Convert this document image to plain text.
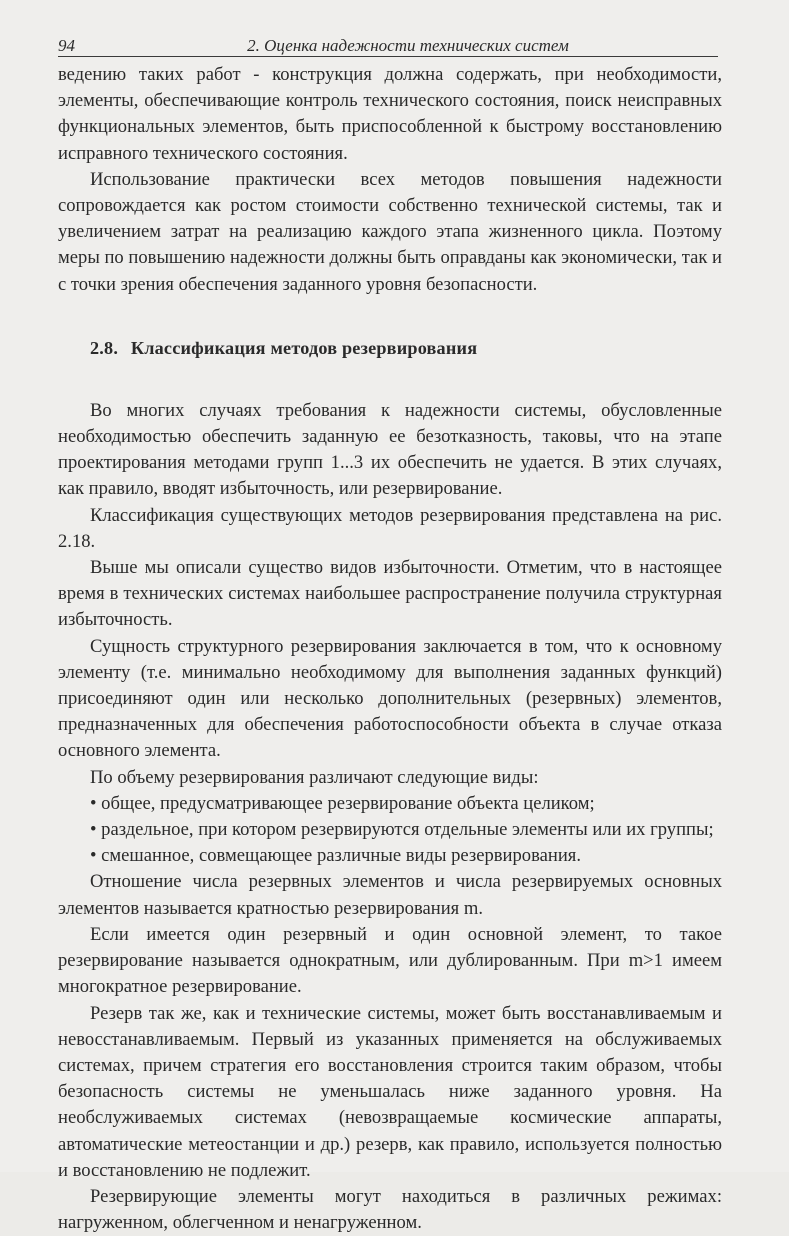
94	2. Оценка надежности технических систем

ведению таких работ - конструкция должна содержать, при необходимости, элементы, обеспечивающие контроль технического состояния, поиск неисправных функциональных элементов, быть приспособленной к быстрому восстановлению исправного технического состояния.

Использование практически всех методов повышения надежности сопровождается как ростом стоимости собственно технической системы, так и увеличением затрат на реализацию каждого этапа жизненного цикла. Поэтому меры по повышению надежности должны быть оправданы как экономически, так и с точки зрения обеспечения заданного уровня безопасности.

2.8. Классификация методов резервирования

Во многих случаях требования к надежности системы, обусловленные необходимостью обеспечить заданную ее безотказность, таковы, что на этапе проектирования методами групп 1...3 их обеспечить не удается. В этих случаях, как правило, вводят избыточность, или резервирование.

Классификация существующих методов резервирования представлена на рис. 2.18.

Выше мы описали существо видов избыточности. Отметим, что в настоящее время в технических системах наибольшее распространение получила структурная избыточность.

Сущность структурного резервирования заключается в том, что к основному элементу (т.е. минимально необходимому для выполнения заданных функций) присоединяют один или несколько дополнительных (резервных) элементов, предназначенных для обеспечения работоспособности объекта в случае отказа основного элемента.

По объему резервирования различают следующие виды:

• общее, предусматривающее резервирование объекта целиком;

• раздельное, при котором резервируются отдельные элементы или их группы;

• смешанное, совмещающее различные виды резервирования.

Отношение числа резервных элементов и числа резервируемых основных элементов называется кратностью резервирования m.

Если имеется один резервный и один основной элемент, то такое резервирование называется однократным, или дублированным. При m>1 имеем многократное резервирование.

Резерв так же, как и технические системы, может быть восстанавливаемым и невосстанавливаемым. Первый из указанных применяется на обслуживаемых системах, причем стратегия его восстановления строится таким образом, чтобы безопасность системы не уменьшалась ниже заданного уровня. На необслуживаемых системах (невозвращаемые космические аппараты, автоматические метеостанции и др.) резерв, как правило, используется полностью и восстановлению не подлежит.

Резервирующие элементы могут находиться в различных режимах: нагруженном, облегченном и ненагруженном.
